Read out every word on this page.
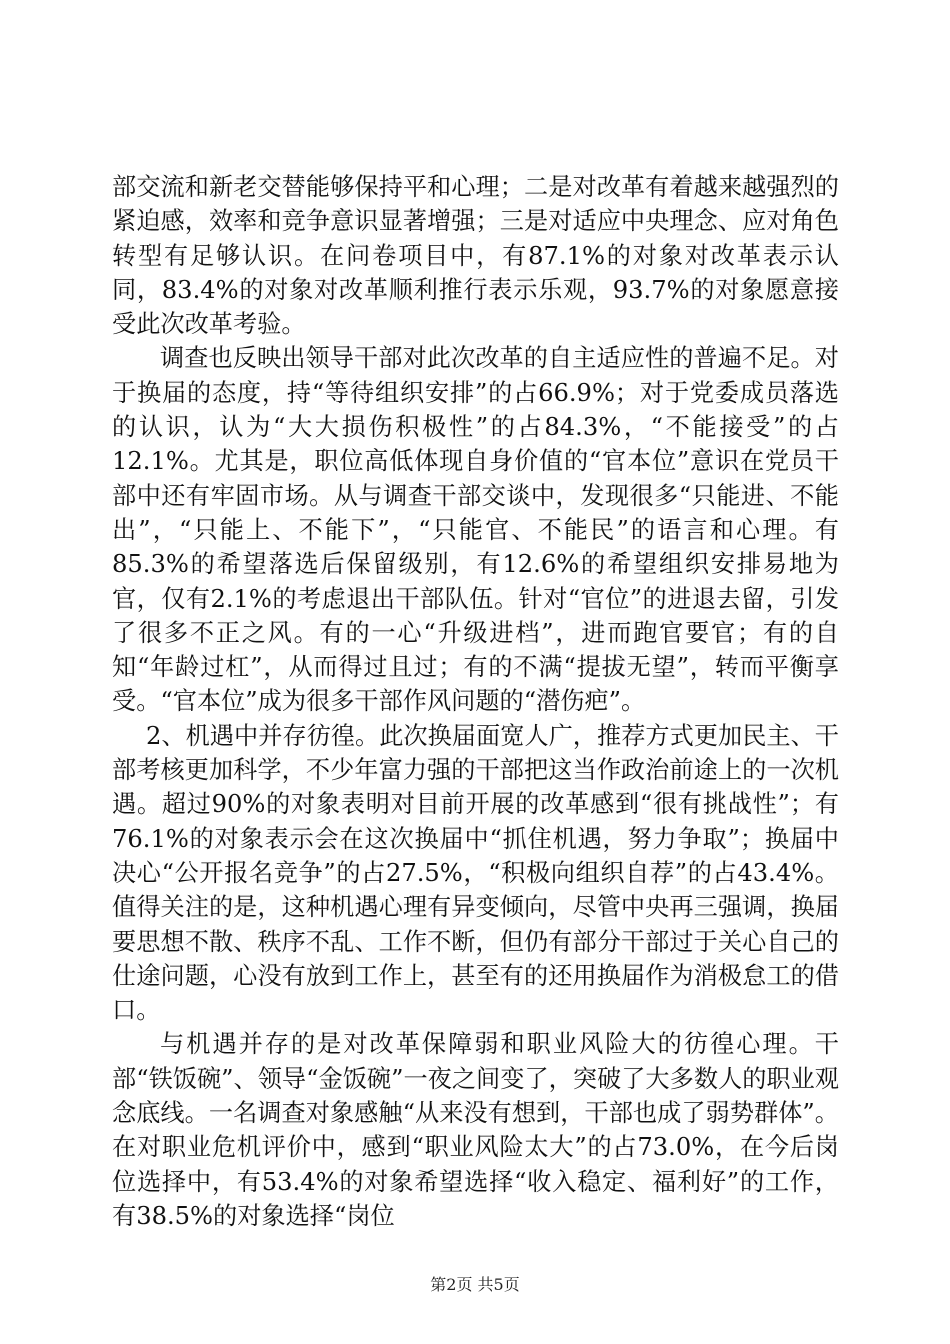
部交流和新老交替能够保持平和心理；二是对改革有着越来越强烈的紧迫感，效率和竞争意识显著增强；三是对适应中央理念、应对角色转型有足够认识。在问卷项目中，有87.1%的对象对改革表示认同，83.4%的对象对改革顺利推行表示乐观，93.7%的对象愿意接受此次改革考验。

调查也反映出领导干部对此次改革的自主适应性的普遍不足。对于换届的态度，持“等待组织安排”的占66.9%；对于党委成员落选的认识，认为“大大损伤积极性”的占84.3%，“不能接受”的占12.1%。尤其是，职位高低体现自身价值的“官本位”意识在党员干部中还有牢固市场。从与调查干部交谈中，发现很多“只能进、不能出”，“只能上、不能下”，“只能官、不能民”的语言和心理。有85.3%的希望落选后保留级别，有12.6%的希望组织安排易地为官，仅有2.1%的考虑退出干部队伍。针对“官位”的进退去留，引发了很多不正之风。有的一心“升级进档”，进而跑官要官；有的自知“年龄过杠”，从而得过且过；有的不满“提拔无望”，转而平衡享受。“官本位”成为很多干部作风问题的“潜伤疤”。

2、机遇中并存彷徨。此次换届面宽人广，推荐方式更加民主、干部考核更加科学，不少年富力强的干部把这当作政治前途上的一次机遇。超过90%的对象表明对目前开展的改革感到“很有挑战性”；有76.1%的对象表示会在这次换届中“抓住机遇，努力争取”；换届中决心“公开报名竞争”的占27.5%，“积极向组织自荐”的占43.4%。值得关注的是，这种机遇心理有异变倾向，尽管中央再三强调，换届要思想不散、秩序不乱、工作不断，但仍有部分干部过于关心自己的仕途问题，心没有放到工作上，甚至有的还用换届作为消极怠工的借口。

与机遇并存的是对改革保障弱和职业风险大的彷徨心理。干部“铁饭碗”、领导“金饭碗”一夜之间变了，突破了大多数人的职业观念底线。一名调查对象感触“从来没有想到，干部也成了弱势群体”。在对职业危机评价中，感到“职业风险太大”的占73.0%，在今后岗位选择中，有53.4%的对象希望选择“收入稳定、福利好”的工作，有38.5%的对象选择“岗位

第2页 共5页
